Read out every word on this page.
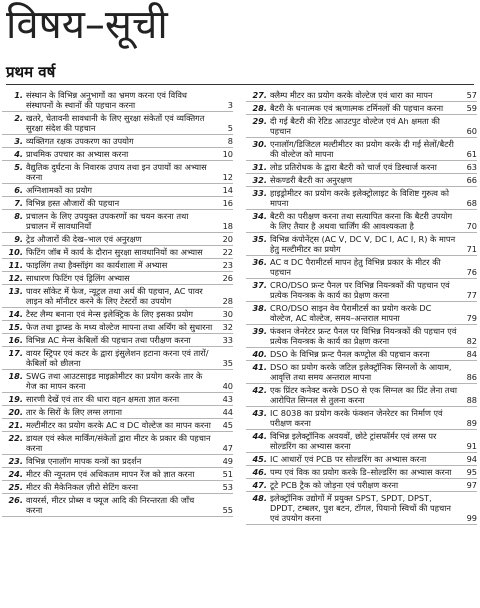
विषय–सूची
प्रथम वर्ष
1. संस्थान के विभिन्न अनुभागों का भ्रमण करना एवं विविध संस्थापनों के स्थानों की पहचान करना	3
2. खतरे, चेतावनी सावधानी के लिए सुरक्षा संकेतों एवं व्यक्तिगत सुरक्षा संदेश की पहचान	5
3. व्यक्तिगत रक्षक उपकरण का उपयोग	8
4. प्राथमिक उपचार का अभ्यास करना	10
5. वैद्युतिक दुर्घटना के निवारक उपाय तथा इन उपायों का अभ्यास करना	12
6. अग्निशामकों का प्रयोग	14
7. विभिन्न हस्त औजारों की पहचान	16
8. प्रचालन के लिए उपयुक्त उपकरणों का चयन करना तथा प्रचालन में सावधानियाँ	18
9. ट्रेड औजारों की देख–भाल एवं अनुरक्षण	20
10. फिटिंग जॉब में कार्य के दौरान सुरक्षा सावधानियों का अभ्यास	22
11. फाइलिंग तथा हैक्सॉइंग का कार्यशाला में अभ्यास	23
12. साधारण फिटिंग एवं ड्रिलिंग अभ्यास	26
13. पावर सॉकेट में फेज, न्यूट्रल तथा अर्थ की पहचान, AC पावर लाइन को मॉनीटर करने के लिए टेस्टरों का उपयोग	28
14. टैस्ट लैम्प बनाना एवं मेन्स इलेक्ट्रिक के लिए इसका प्रयोग	30
15. फेज तथा ड्राप्स्ड के मध्य वोल्टेज मापना तथा अर्थिंग को सुधारना	32
16. विभिन्न AC मेन्स केबिलों की पहचान तथा परीक्षण करना	33
17. वायर स्ट्रिपर एवं कटर के द्वारा इंसुलेशन हटाना करना एवं तारों/केबिलों को छीलना	35
18. SWG तथा आउटसाइड माइक्रोमीटर का प्रयोग करके तार के गेज का मापन करना	40
19. सारणी देखें एवं तार की धारा वहन क्षमता ज्ञात करना	43
20. तार के सिरों के लिए लग्स लगाना	44
21. मल्टीमीटर का प्रयोग करके AC व DC वोल्टेज का मापन करना	45
22. डायल एवं स्केल मार्किंग/संकेतों द्वारा मीटर के प्रकार की पहचान करना	47
23. विभिन्न एनालॉग मापक यन्त्रों का प्रदर्शन	49
24. मीटर की न्यूनतम एवं अधिकतम मापन रेंज को ज्ञात करना	51
25. मीटर की मैकेनिकल ज़ीरो सेटिंग करना	53
26. वायरर्स, मीटर प्रोब्स व फ्यूज आदि की निरन्तरता की जाँच करना	55
27. क्लैम्प मीटर का प्रयोग करके वोल्टेज एवं धारा का मापन	57
28. बैटरी के धनात्मक एवं ऋणात्मक टर्मिनलों की पहचान करना	59
29. दी गई बैटरी की रेटिड आउटपुट वोल्टेज एवं Ah क्षमता की पहचान	60
30. एनालॉग/डिजिटल मल्टीमीटर का प्रयोग करके दी गई सेलों/बैटरी की वोल्टेज को मापना	61
31. लोड प्रतिरोधक के द्वारा बैटरी को चार्ज एवं डिस्चार्ज करना	63
32. सेकण्डरी बैटरी का अनुरक्षण	66
33. हाइड्रोमीटर का प्रयोग करके इलेक्ट्रोलाइट के विशिष्ट गुरुत्व को मापना	68
34. बैटरी का परीक्षण करना तथा सत्यापित करना कि बैटरी उपयोग के लिए तैयार है अथवा चार्जिंग की आवश्यकता है	70
35. विभिन्न कंपोनेंट्स (AC V, DC V, DC I, AC I, R) के मापन हेतु मल्टीमीटर का प्रयोग	71
36. AC व DC पैरामीटर्स मापन हेतु विभिन्न प्रकार के मीटर की पहचान	76
37. CRO/DSO फ्रन्ट पैनल पर विभिन्न नियन्त्रकों की पहचान एवं प्रत्येक नियन्त्रक के कार्य का प्रेक्षण करना	77
38. CRO/DSO साइन वेव पैरामीटर्स का प्रयोग करके DC वोल्टेज, AC वोल्टेज, समय–अन्तराल मापना	79
39. फंक्शन जेनरेटर फ्रन्ट पैनल पर विभिन्न नियन्त्रकों की पहचान एवं प्रत्येक नियन्त्रक के कार्य का प्रेक्षण करना	82
40. DSO के विभिन्न फ्रन्ट पैनल कण्ट्रोल की पहचान करना	84
41. DSO का प्रयोग करके जटिल इलेक्ट्रॉनिक सिग्नलों के आयाम, आवृत्ति तथा समय अन्तराल मापना	86
42. एक प्रिंटर कनेक्ट करके DSO से एक सिग्नल का प्रिंट लेना तथा आरोपित सिग्नल से तुलना करना	88
43. IC 8038 का प्रयोग करके फंक्शन जेनरेटर का निर्माण एवं परीक्षण करना	89
44. विभिन्न इलेक्ट्रॉनिक अवयवों, छोटे ट्रांसफॉर्मर एवं लग्स पर सोल्डरिंग का अभ्यास करना	91
45. IC आधारों एवं PCB पर सोल्डरिंग का अभ्यास करना	94
46. पम्प एवं विक का प्रयोग करके डि–सोल्डरिंग का अभ्यास करना	95
47. टूटे PCB ट्रैक को जोड़ना एवं परीक्षण करना	97
48. इलेक्ट्रॉनिक उद्योगों में प्रयुक्त SPST, SPDT, DPST, DPDT, टम्बलर, पुश बटन, टॉगल, पियानो स्विचों की पहचान एवं उपयोग करना	99
